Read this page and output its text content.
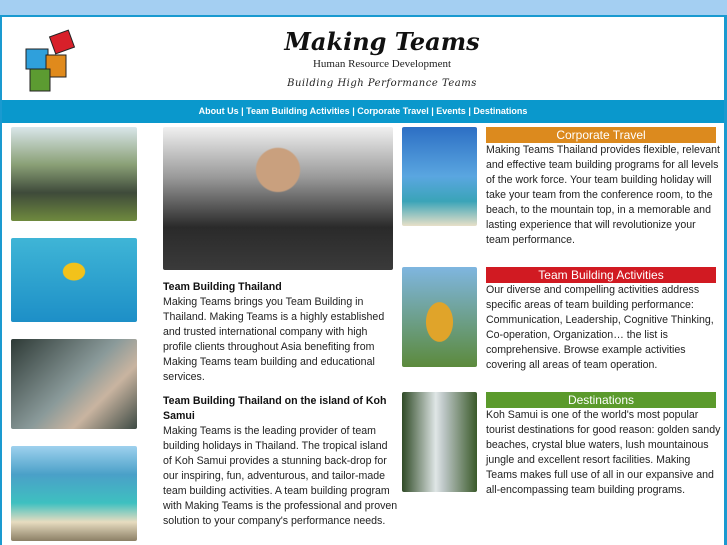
Making Teams
Human Resource Development
Building High Performance Teams
About Us | Team Building Activities | Corporate Travel | Events | Destinations
Team Building Thailand
Making Teams brings you Team Building in Thailand. Making Teams is a highly established and trusted international company with high profile clients throughout Asia benefiting from Making Teams team building and educational services.
Team Building Thailand on the island of Koh Samui
Making Teams is the leading provider of team building holidays in Thailand. The tropical island of Koh Samui provides a stunning back-drop for our inspiring, fun, adventurous, and tailor-made team building activities. A team building program with Making Teams is the professional and proven solution to your company's performance needs.
Corporate Travel
Making Teams Thailand provides flexible, relevant and effective team building programs for all levels of the work force. Your team building holiday will take your team from the conference room, to the beach, to the mountain top, in a memorable and lasting experience that will revolutionize your team performance.
Team Building Activities
Our diverse and compelling activities address specific areas of team building performance: Communication, Leadership, Cognitive Thinking, Co-operation, Organization… the list is comprehensive. Browse example activities covering all areas of team operation.
Destinations
Koh Samui is one of the world's most popular tourist destinations for good reason: golden sandy beaches, crystal blue waters, lush mountainous jungle and excellent resort facilities. Making Teams makes full use of all in our expansive and all-encompassing team building programs.
